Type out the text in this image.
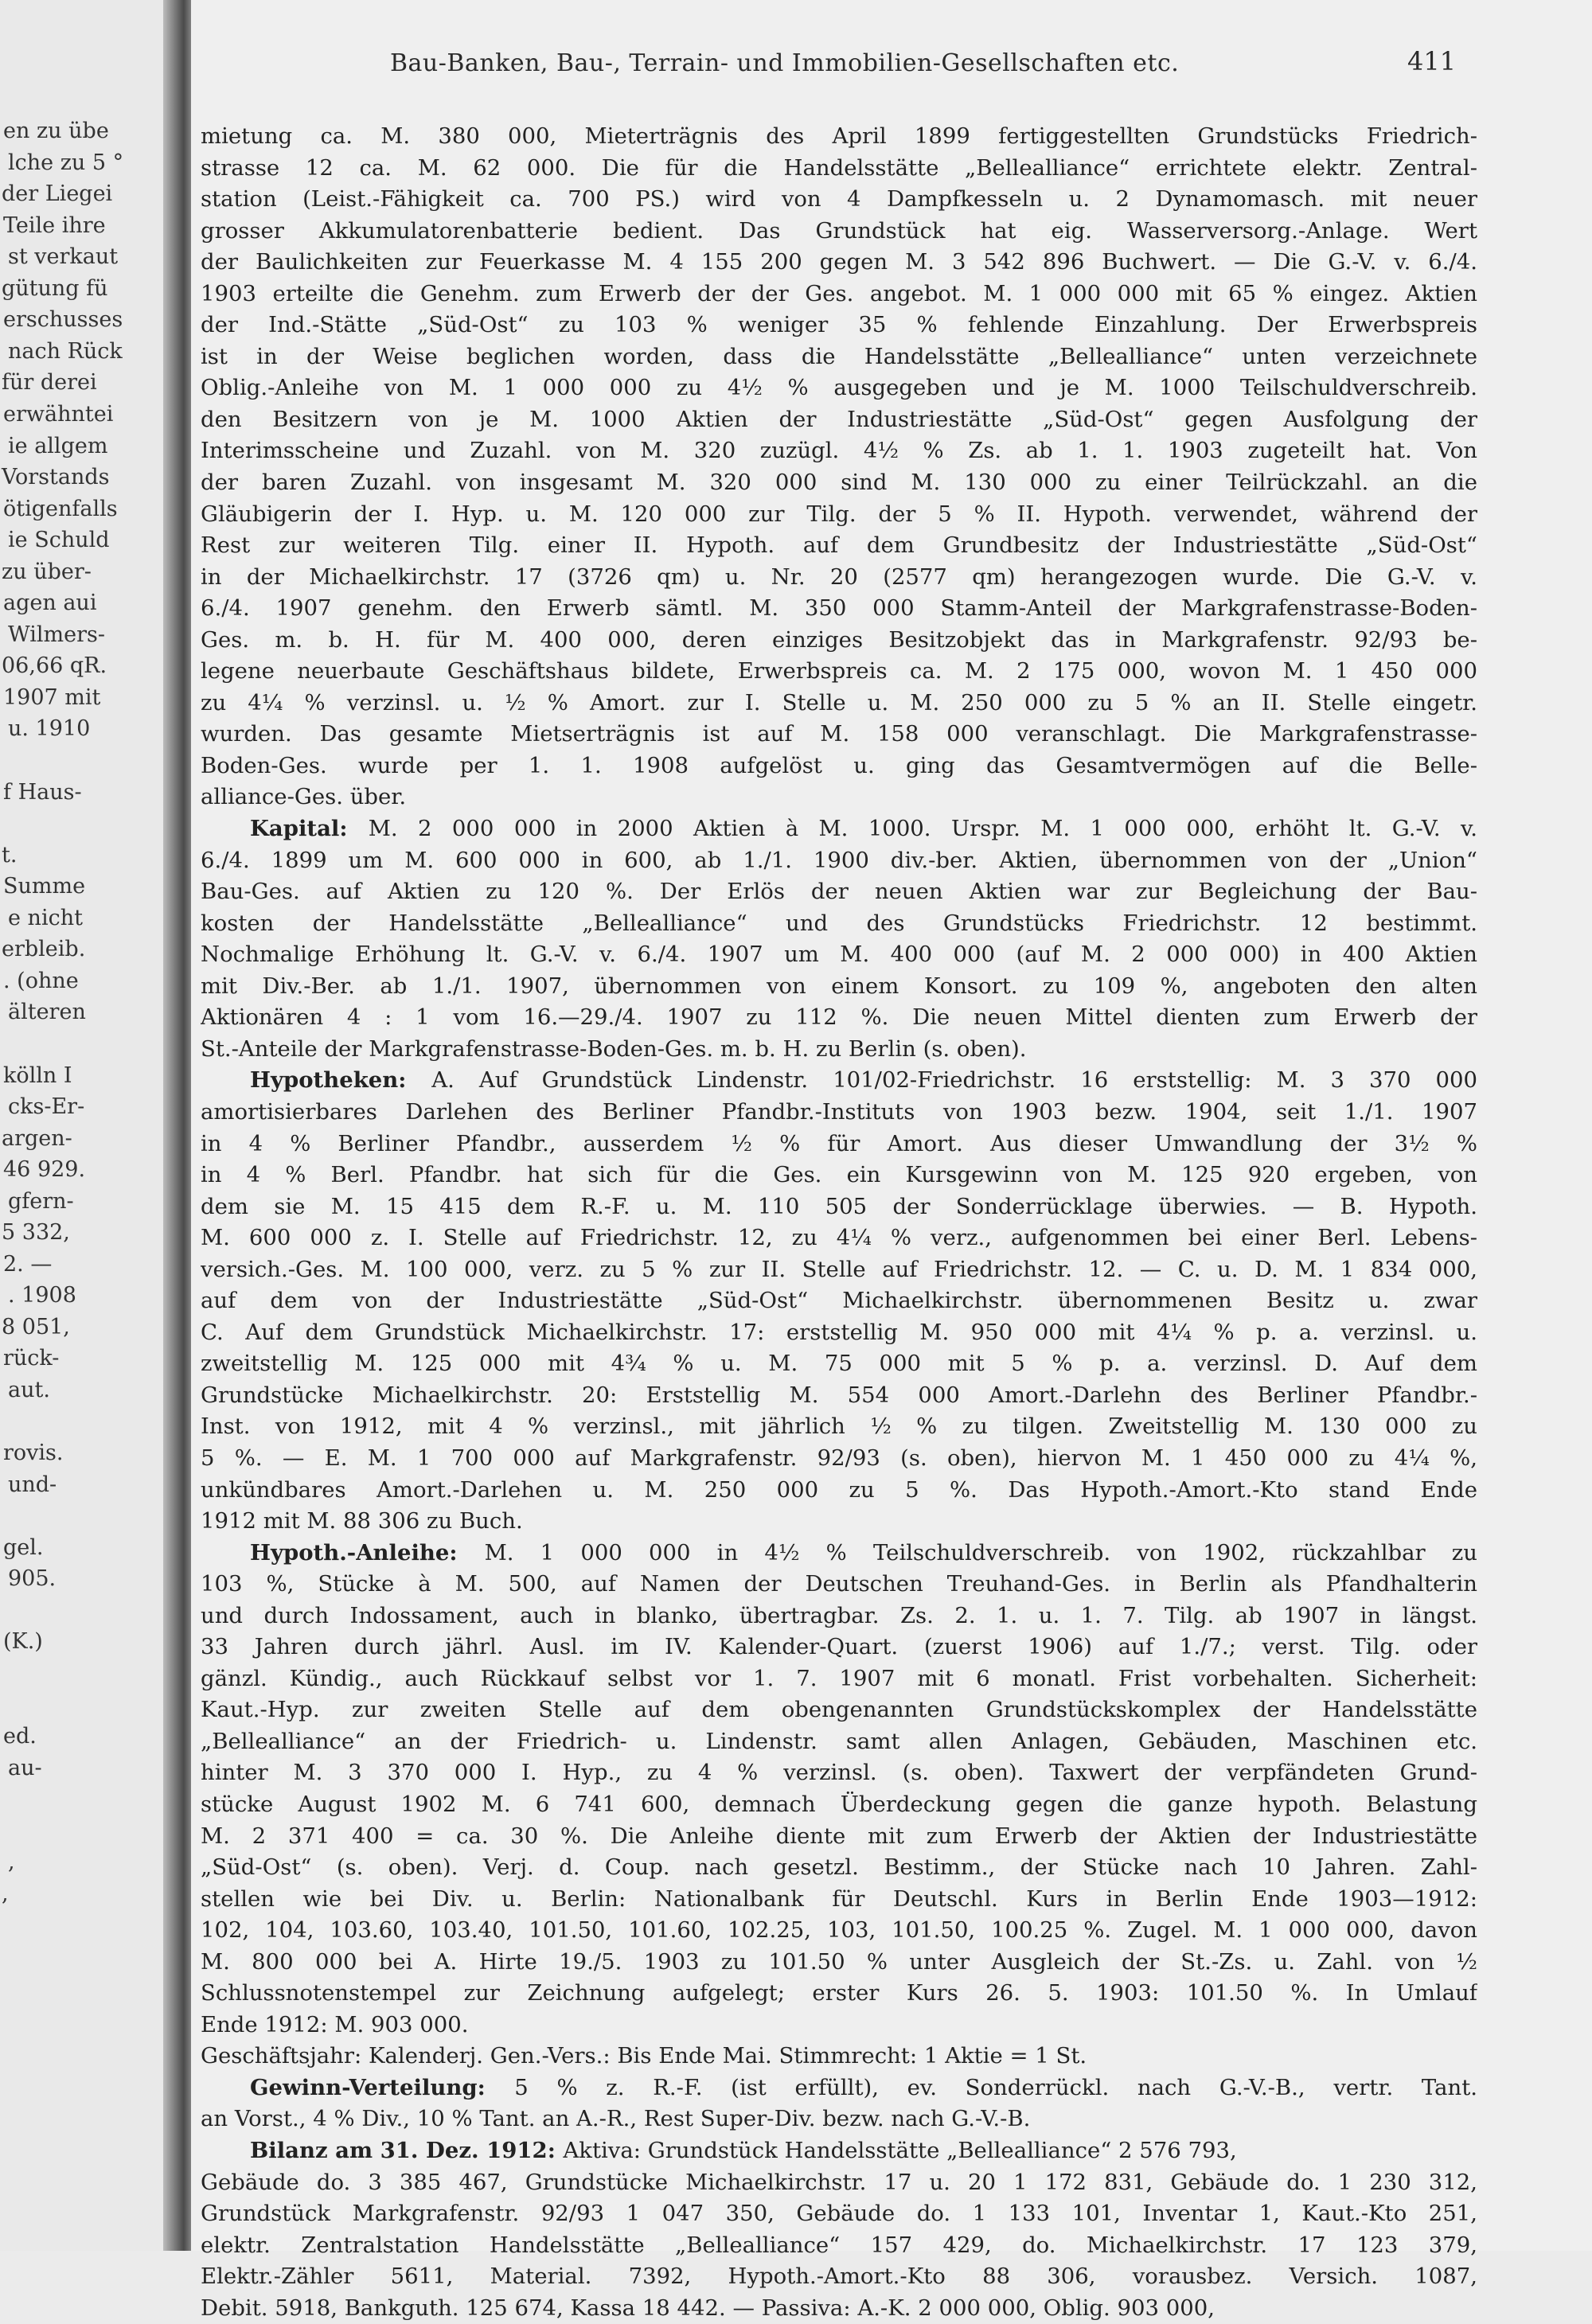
en zu übe
lche zu 5 °
der Liegei
Teile ihre
st verkaut
gütung fü
erschusses
nach Rück
für derei
erwähntei
ie allgem
Vorstands
ötigenfalls
ie Schuld
zu über-
agen aui
Wilmers-
06,66 qR.
1907 mit
u. 1910
f Haus-
t.
Summe
e nicht
erbleib.
. (ohne
älteren
kölln I
cks-Er-
argen-
46 929.
gfern-
5 332,
2. —
. 1908
8 051,
rück-
aut.
rovis.
und-
gel.
905.
(K.)
ed.
au-
,
,
Bau-Banken, Bau-, Terrain- und Immobilien-Gesellschaften etc.	411
mietung ca. M. 380 000, Mieterträgnis des April 1899 fertiggestellten Grundstücks Friedrich-
strasse 12 ca. M. 62 000. Die für die Handelsstätte „Bellealliance“ errichtete elektr. Zentral-
station (Leist.-Fähigkeit ca. 700 PS.) wird von 4 Dampfkesseln u. 2 Dynamomasch. mit neuer
grosser Akkumulatorenbatterie bedient. Das Grundstück hat eig. Wasserversorg.-Anlage. Wert
der Baulichkeiten zur Feuerkasse M. 4 155 200 gegen M. 3 542 896 Buchwert. — Die G.-V. v. 6./4.
1903 erteilte die Genehm. zum Erwerb der der Ges. angebot. M. 1 000 000 mit 65 % eingez. Aktien
der Ind.-Stätte „Süd-Ost“ zu 103 % weniger 35 % fehlende Einzahlung. Der Erwerbspreis
ist in der Weise beglichen worden, dass die Handelsstätte „Bellealliance“ unten verzeichnete
Oblig.-Anleihe von M. 1 000 000 zu 4½ % ausgegeben und je M. 1000 Teilschuldverschreib.
den Besitzern von je M. 1000 Aktien der Industriestätte „Süd-Ost“ gegen Ausfolgung der
Interimsscheine und Zuzahl. von M. 320 zuzügl. 4½ % Zs. ab 1. 1. 1903 zugeteilt hat. Von
der baren Zuzahl. von insgesamt M. 320 000 sind M. 130 000 zu einer Teilrückzahl. an die
Gläubigerin der I. Hyp. u. M. 120 000 zur Tilg. der 5 % II. Hypoth. verwendet, während der
Rest zur weiteren Tilg. einer II. Hypoth. auf dem Grundbesitz der Industriestätte „Süd-Ost“
in der Michaelkirchstr. 17 (3726 qm) u. Nr. 20 (2577 qm) herangezogen wurde. Die G.-V. v.
6./4. 1907 genehm. den Erwerb sämtl. M. 350 000 Stamm-Anteil der Markgrafenstrasse-Boden-
Ges. m. b. H. für M. 400 000, deren einziges Besitzobjekt das in Markgrafenstr. 92/93 be-
legene neuerbaute Geschäftshaus bildete, Erwerbspreis ca. M. 2 175 000, wovon M. 1 450 000
zu 4¼ % verzinsl. u. ½ % Amort. zur I. Stelle u. M. 250 000 zu 5 % an II. Stelle eingetr.
wurden. Das gesamte Mietserträgnis ist auf M. 158 000 veranschlagt. Die Markgrafenstrasse-
Boden-Ges. wurde per 1. 1. 1908 aufgelöst u. ging das Gesamtvermögen auf die Belle-
alliance-Ges. über.
Kapital: M. 2 000 000 in 2000 Aktien à M. 1000. Urspr. M. 1 000 000, erhöht lt. G.-V. v.
6./4. 1899 um M. 600 000 in 600, ab 1./1. 1900 div.-ber. Aktien, übernommen von der „Union“
Bau-Ges. auf Aktien zu 120 %. Der Erlös der neuen Aktien war zur Begleichung der Bau-
kosten der Handelsstätte „Bellealliance“ und des Grundstücks Friedrichstr. 12 bestimmt.
Nochmalige Erhöhung lt. G.-V. v. 6./4. 1907 um M. 400 000 (auf M. 2 000 000) in 400 Aktien
mit Div.-Ber. ab 1./1. 1907, übernommen von einem Konsort. zu 109 %, angeboten den alten
Aktionären 4 : 1 vom 16.—29./4. 1907 zu 112 %. Die neuen Mittel dienten zum Erwerb der
St.-Anteile der Markgrafenstrasse-Boden-Ges. m. b. H. zu Berlin (s. oben).
Hypotheken: A. Auf Grundstück Lindenstr. 101/02-Friedrichstr. 16 erststellig: M. 3 370 000
amortisierbares Darlehen des Berliner Pfandbr.-Instituts von 1903 bezw. 1904, seit 1./1. 1907
in 4 % Berliner Pfandbr., ausserdem ½ % für Amort. Aus dieser Umwandlung der 3½ %
in 4 % Berl. Pfandbr. hat sich für die Ges. ein Kursgewinn von M. 125 920 ergeben, von
dem sie M. 15 415 dem R.-F. u. M. 110 505 der Sonderrücklage überwies. — B. Hypoth.
M. 600 000 z. I. Stelle auf Friedrichstr. 12, zu 4¼ % verz., aufgenommen bei einer Berl. Lebens-
versich.-Ges. M. 100 000, verz. zu 5 % zur II. Stelle auf Friedrichstr. 12. — C. u. D. M. 1 834 000,
auf dem von der Industriestätte „Süd-Ost“ Michaelkirchstr. übernommenen Besitz u. zwar
C. Auf dem Grundstück Michaelkirchstr. 17: erststellig M. 950 000 mit 4¼ % p. a. verzinsl. u.
zweitstellig M. 125 000 mit 4¾ % u. M. 75 000 mit 5 % p. a. verzinsl. D. Auf dem
Grundstücke Michaelkirchstr. 20: Erststellig M. 554 000 Amort.-Darlehn des Berliner Pfandbr.-
Inst. von 1912, mit 4 % verzinsl., mit jährlich ½ % zu tilgen. Zweitstellig M. 130 000 zu
5 %. — E. M. 1 700 000 auf Markgrafenstr. 92/93 (s. oben), hiervon M. 1 450 000 zu 4¼ %,
unkündbares Amort.-Darlehen u. M. 250 000 zu 5 %. Das Hypoth.-Amort.-Kto stand Ende
1912 mit M. 88 306 zu Buch.
Hypoth.-Anleihe: M. 1 000 000 in 4½ % Teilschuldverschreib. von 1902, rückzahlbar zu
103 %, Stücke à M. 500, auf Namen der Deutschen Treuhand-Ges. in Berlin als Pfandhalterin
und durch Indossament, auch in blanko, übertragbar. Zs. 2. 1. u. 1. 7. Tilg. ab 1907 in längst.
33 Jahren durch jährl. Ausl. im IV. Kalender-Quart. (zuerst 1906) auf 1./7.; verst. Tilg. oder
gänzl. Kündig., auch Rückkauf selbst vor 1. 7. 1907 mit 6 monatl. Frist vorbehalten. Sicherheit:
Kaut.-Hyp. zur zweiten Stelle auf dem obengenannten Grundstückskomplex der Handelsstätte
„Bellealliance“ an der Friedrich- u. Lindenstr. samt allen Anlagen, Gebäuden, Maschinen etc.
hinter M. 3 370 000 I. Hyp., zu 4 % verzinsl. (s. oben). Taxwert der verpfändeten Grund-
stücke August 1902 M. 6 741 600, demnach Überdeckung gegen die ganze hypoth. Belastung
M. 2 371 400 = ca. 30 %. Die Anleihe diente mit zum Erwerb der Aktien der Industriestätte
„Süd-Ost“ (s. oben). Verj. d. Coup. nach gesetzl. Bestimm., der Stücke nach 10 Jahren. Zahl-
stellen wie bei Div. u. Berlin: Nationalbank für Deutschl. Kurs in Berlin Ende 1903—1912:
102, 104, 103.60, 103.40, 101.50, 101.60, 102.25, 103, 101.50, 100.25 %. Zugel. M. 1 000 000, davon
M. 800 000 bei A. Hirte 19./5. 1903 zu 101.50 % unter Ausgleich der St.-Zs. u. Zahl. von ½
Schlussnotenstempel zur Zeichnung aufgelegt; erster Kurs 26. 5. 1903: 101.50 %. In Umlauf
Ende 1912: M. 903 000.
Geschäftsjahr: Kalenderj. Gen.-Vers.: Bis Ende Mai. Stimmrecht: 1 Aktie = 1 St.
Gewinn-Verteilung: 5 % z. R.-F. (ist erfüllt), ev. Sonderrückl. nach G.-V.-B., vertr. Tant.
an Vorst., 4 % Div., 10 % Tant. an A.-R., Rest Super-Div. bezw. nach G.-V.-B.
Bilanz am 31. Dez. 1912: Aktiva: Grundstück Handelsstätte „Bellealliance“ 2 576 793,
Gebäude do. 3 385 467, Grundstücke Michaelkirchstr. 17 u. 20 1 172 831, Gebäude do. 1 230 312,
Grundstück Markgrafenstr. 92/93 1 047 350, Gebäude do. 1 133 101, Inventar 1, Kaut.-Kto 251,
elektr. Zentralstation Handelsstätte „Bellealliance“ 157 429, do. Michaelkirchstr. 17 123 379,
Elektr.-Zähler 5611, Material. 7392, Hypoth.-Amort.-Kto 88 306, vorausbez. Versich. 1087,
Debit. 5918, Bankguth. 125 674, Kassa 18 442. — Passiva: A.-K. 2 000 000, Oblig. 903 000,
